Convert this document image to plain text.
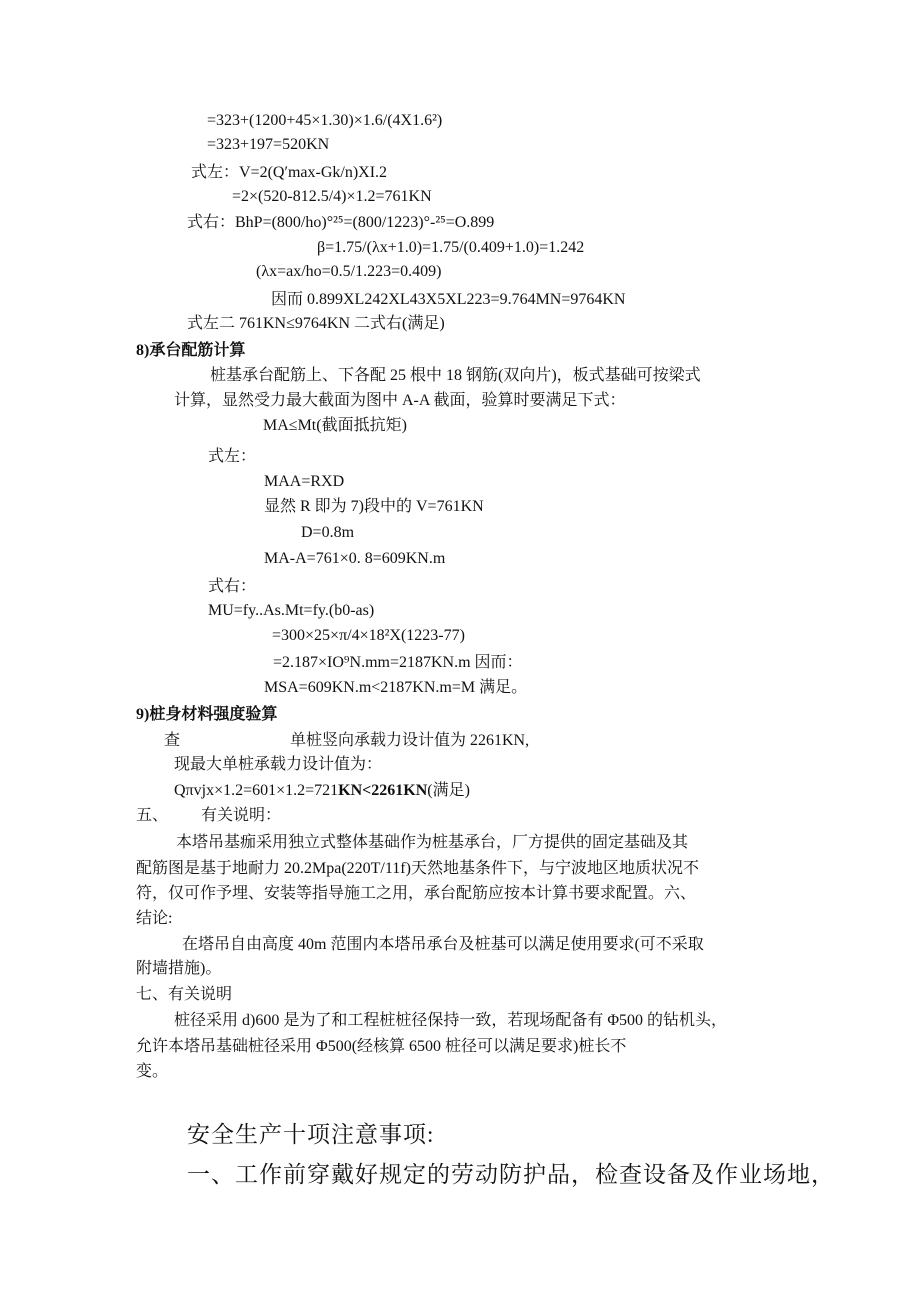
=323+(1200+45×1.30)×1.6/(4X1.6²)
=323+197=520KN
式左：V=2(Q′max-Gk/n)XI.2
=2×(520-812.5/4)×1.2=761KN
式右：BhP=(800/ho)°²⁵=(800/1223)°-²⁵=O.899
β=1.75/(λx+1.0)=1.75/(0.409+1.0)=1.242
(λx=ax/ho=0.5/1.223=0.409)
因而 0.899XL242XL43X5XL223=9.764MN=9764KN
式左二 761KN≤9764KN 二式右(满足)
8)承台配筋计算
桩基承台配筋上、下各配 25 根中 18 钢筋(双向片)，板式基础可按梁式
计算，显然受力最大截面为图中 A-A 截面，验算时要满足下式：
MA≤Mt(截面抵抗矩)
式左：
MAA=RXD
显然 R 即为 7)段中的 V=761KN
D=0.8m
MA-A=761×0. 8=609KN.m
式右：
MU=fy..As.Mt=fy.(b0-as)
=300×25×π/4×18²X(1223-77)
=2.187×IO⁹N.mm=2187KN.m 因而：
MSA=609KN.m<2187KN.m=M 满足。
9)桩身材料强度验算
查	单桩竖向承载力设计值为 2261KN,
现最大单桩承载力设计值为：
Qπvjx×1.2=601×1.2=721KN<2261KN(满足)
五、 有关说明：
本塔吊基痂采用独立式整体基础作为桩基承台，厂方提供的固定基础及其
配筋图是基于地耐力 20.2Mpa(220T/11f)天然地基条件下，与宁波地区地质状况不
符，仅可作予埋、安装等指导施工之用，承台配筋应按本计算书要求配置。六、
结论:
在塔吊自由高度 40m 范围内本塔吊承台及桩基可以满足使用要求(可不采取
附墙措施)。
七、有关说明
桩径采用 d)600 是为了和工程桩桩径保持一致，若现场配备有 Φ500 的钻机头，
允许本塔吊基础桩径采用 Φ500(经核算 6500 桩径可以满足要求)桩长不
变。
安全生产十项注意事项:
一、工作前穿戴好规定的劳动防护品，检查设备及作业场地，
